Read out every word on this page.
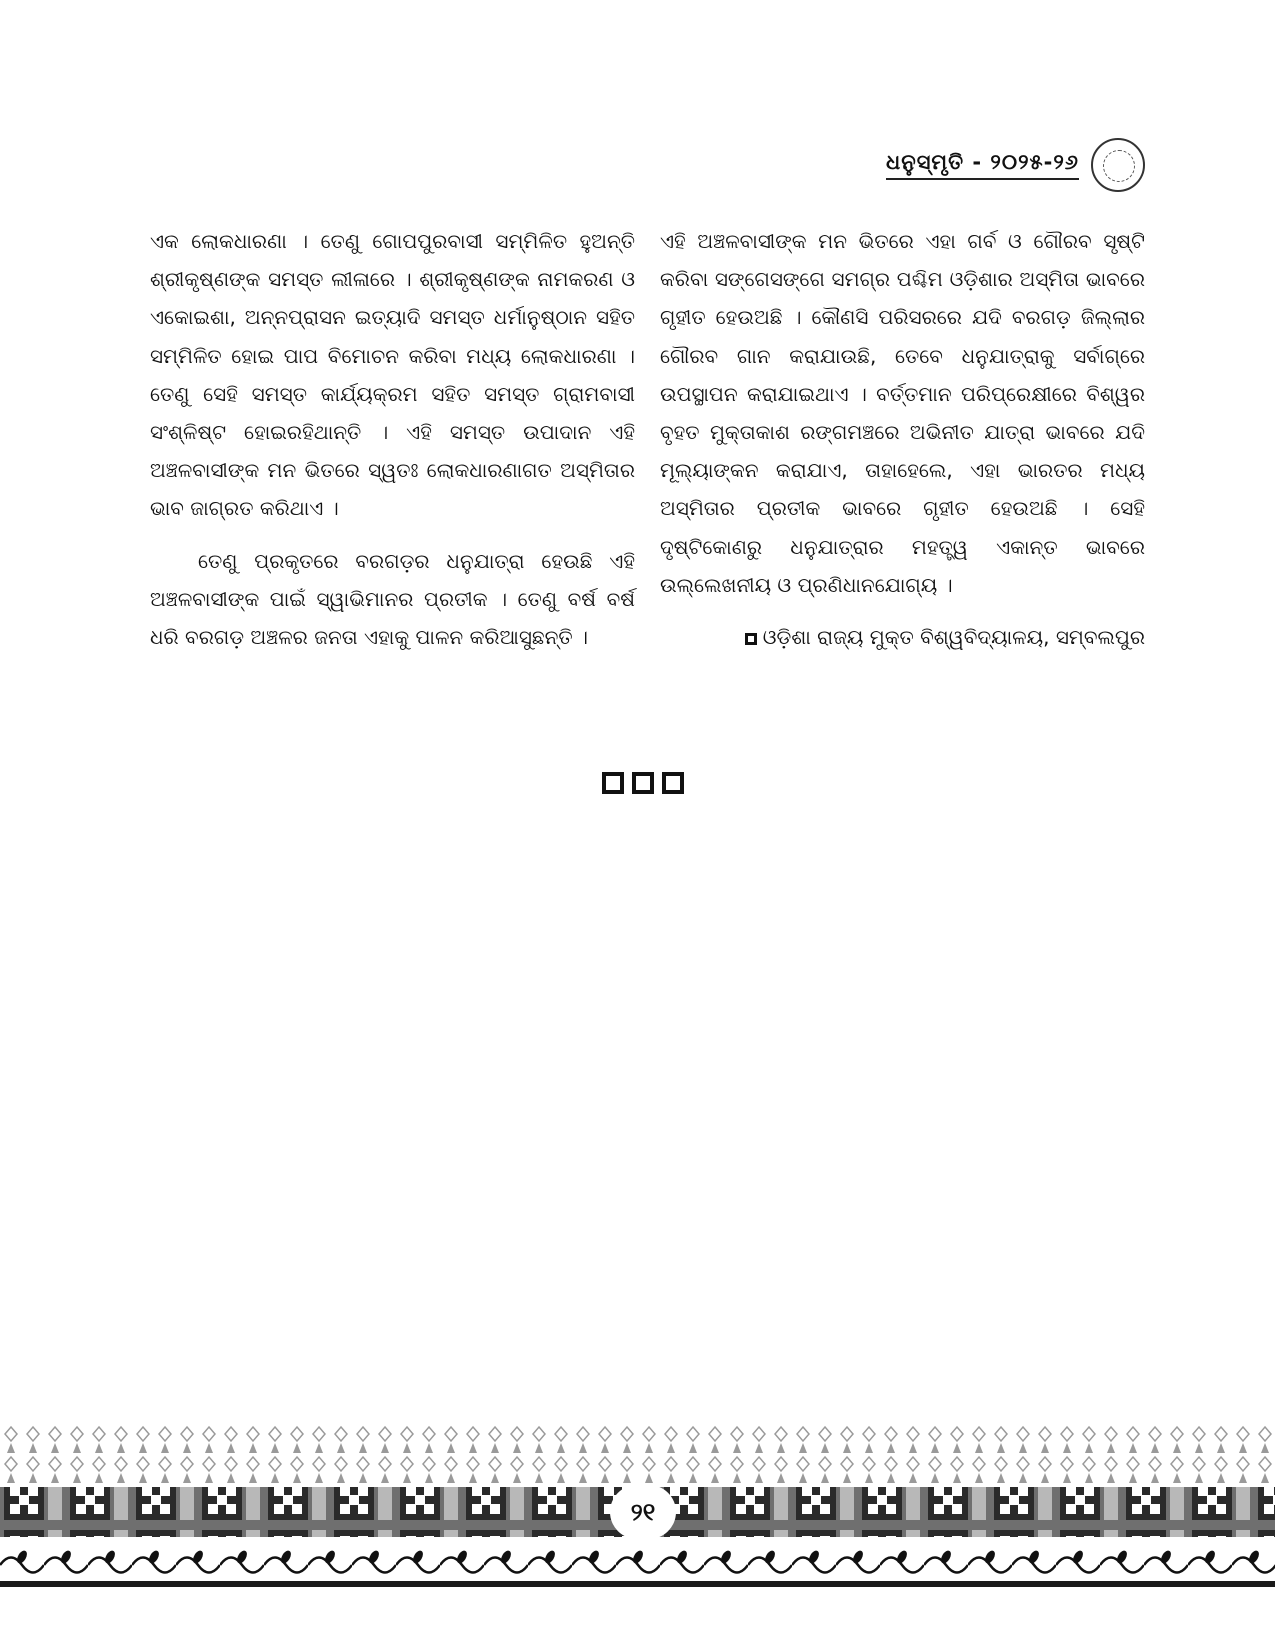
ଧନୁସ୍ମୃତି - ୨୦୨୫-୨୬

ଏକ ଲୋକଧାରଣା । ତେଣୁ ଗୋପପୁରବାସୀ ସମ୍ମିଳିତ ହୁଅନ୍ତି ଶ୍ରୀକୃଷ୍ଣଙ୍କ ସମସ୍ତ ଲୀଳାରେ । ଶ୍ରୀକୃଷ୍ଣଙ୍କ ନାମକରଣ ଓ ଏକୋଇଶା, ଅନ୍ନପ୍ରାସନ ଇତ୍ୟାଦି ସମସ୍ତ ଧର୍ମାନୁଷ୍ଠାନ ସହିତ ସମ୍ମିଳିତ ହୋଇ ପାପ ବିମୋଚନ କରିବା ମଧ୍ୟ ଲୋକଧାରଣା । ତେଣୁ ସେହି ସମସ୍ତ କାର୍ଯ୍ୟକ୍ରମ ସହିତ ସମସ୍ତ ଗ୍ରାମବାସୀ ସଂଶ୍ଳିଷ୍ଟ ହୋଇରହିଥାନ୍ତି । ଏହି ସମସ୍ତ ଉପାଦାନ ଏହି ଅଞ୍ଚଳବାସୀଙ୍କ ମନ ଭିତରେ ସ୍ୱତଃ ଲୋକଧାରଣାଗତ ଅସ୍ମିତାର ଭାବ ଜାଗ୍ରତ କରିଥାଏ ।

ତେଣୁ ପ୍ରକୃତରେ ବରଗଡ଼ର ଧନୁଯାତ୍ରା ହେଉଛି ଏହି ଅଞ୍ଚଳବାସୀଙ୍କ ପାଇଁ ସ୍ୱାଭିମାନର ପ୍ରତୀକ । ତେଣୁ ବର୍ଷ ବର୍ଷ ଧରି ବରଗଡ଼ ଅଞ୍ଚଳର ଜନତା ଏହାକୁ ପାଳନ କରିଆସୁଛନ୍ତି ।

ଏହି ଅଞ୍ଚଳବାସୀଙ୍କ ମନ ଭିତରେ ଏହା ଗର୍ବ ଓ ଗୌରବ ସୃଷ୍ଟି କରିବା ସଙ୍ଗେସଙ୍ଗେ ସମଗ୍ର ପଶ୍ଚିମ ଓଡ଼ିଶାର ଅସ୍ମିତା ଭାବରେ ଗୃହୀତ ହେଉଅଛି । କୌଣସି ପରିସରରେ ଯଦି ବରଗଡ଼ ଜିଲ୍ଲାର ଗୌରବ ଗାନ କରାଯାଉଛି, ତେବେ ଧନୁଯାତ୍ରାକୁ ସର୍ବାଗ୍ରେ ଉପସ୍ଥାପନ କରାଯାଇଥାଏ । ବର୍ତ୍ତମାନ ପରିପ୍ରେକ୍ଷୀରେ ବିଶ୍ୱର ବୃହତ ମୁକ୍ତାକାଶ ରଙ୍ଗମଞ୍ଚରେ ଅଭିନୀତ ଯାତ୍ରା ଭାବରେ ଯଦି ମୂଲ୍ୟାଙ୍କନ କରାଯାଏ, ତାହାହେଲେ, ଏହା ଭାରତର ମଧ୍ୟ ଅସ୍ମିତାର ପ୍ରତୀକ ଭାବରେ ଗୃହୀତ ହେଉଅଛି । ସେହି ଦୃଷ୍ଟିକୋଣରୁ ଧନୁଯାତ୍ରାର ମହତ୍ତ୍ୱ ଏକାନ୍ତ ଭାବରେ ଉଲ୍ଲେଖନୀୟ ଓ ପ୍ରଣିଧାନଯୋଗ୍ୟ ।

ଓଡ଼ିଶା ରାଜ୍ୟ ମୁକ୍ତ ବିଶ୍ୱବିଦ୍ୟାଳୟ, ସମ୍ବଲପୁର

୨୧
